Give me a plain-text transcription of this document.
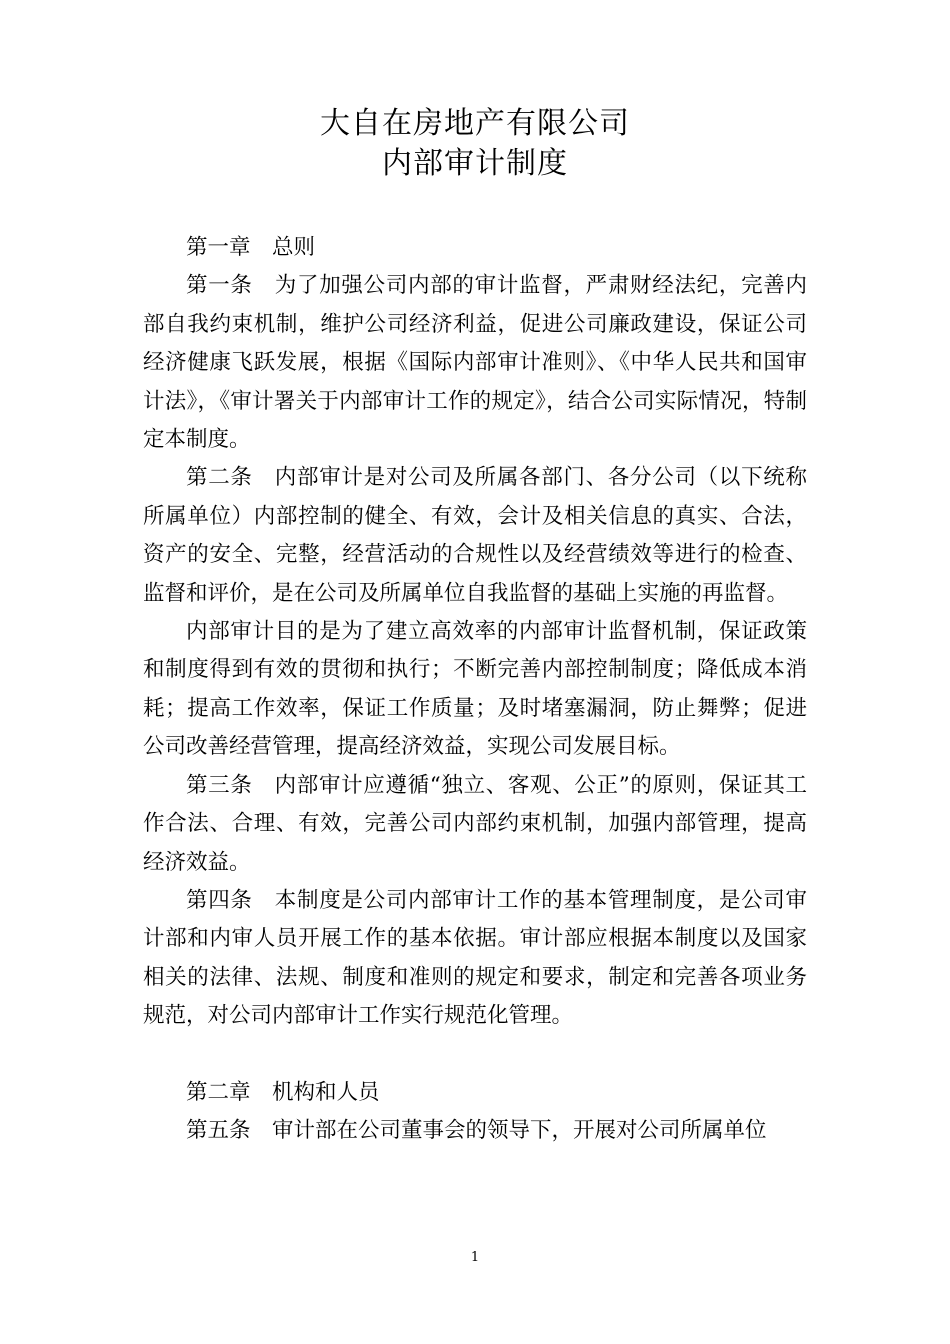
大自在房地产有限公司
内部审计制度

第一章 总则

第一条 为了加强公司内部的审计监督，严肃财经法纪，完善内部自我约束机制，维护公司经济利益，促进公司廉政建设，保证公司经济健康飞跃发展，根据《国际内部审计准则》、《中华人民共和国审计法》，《审计署关于内部审计工作的规定》，结合公司实际情况，特制定本制度。

第二条 内部审计是对公司及所属各部门、各分公司（以下统称所属单位）内部控制的健全、有效，会计及相关信息的真实、合法，资产的安全、完整，经营活动的合规性以及经营绩效等进行的检查、监督和评价，是在公司及所属单位自我监督的基础上实施的再监督。

内部审计目的是为了建立高效率的内部审计监督机制，保证政策和制度得到有效的贯彻和执行；不断完善内部控制制度；降低成本消耗；提高工作效率，保证工作质量；及时堵塞漏洞，防止舞弊；促进公司改善经营管理，提高经济效益，实现公司发展目标。

第三条 内部审计应遵循“独立、客观、公正”的原则，保证其工作合法、合理、有效，完善公司内部约束机制，加强内部管理，提高经济效益。

第四条 本制度是公司内部审计工作的基本管理制度，是公司审计部和内审人员开展工作的基本依据。审计部应根据本制度以及国家相关的法律、法规、制度和准则的规定和要求，制定和完善各项业务规范，对公司内部审计工作实行规范化管理。

第二章 机构和人员

第五条 审计部在公司董事会的领导下，开展对公司所属单位

1
